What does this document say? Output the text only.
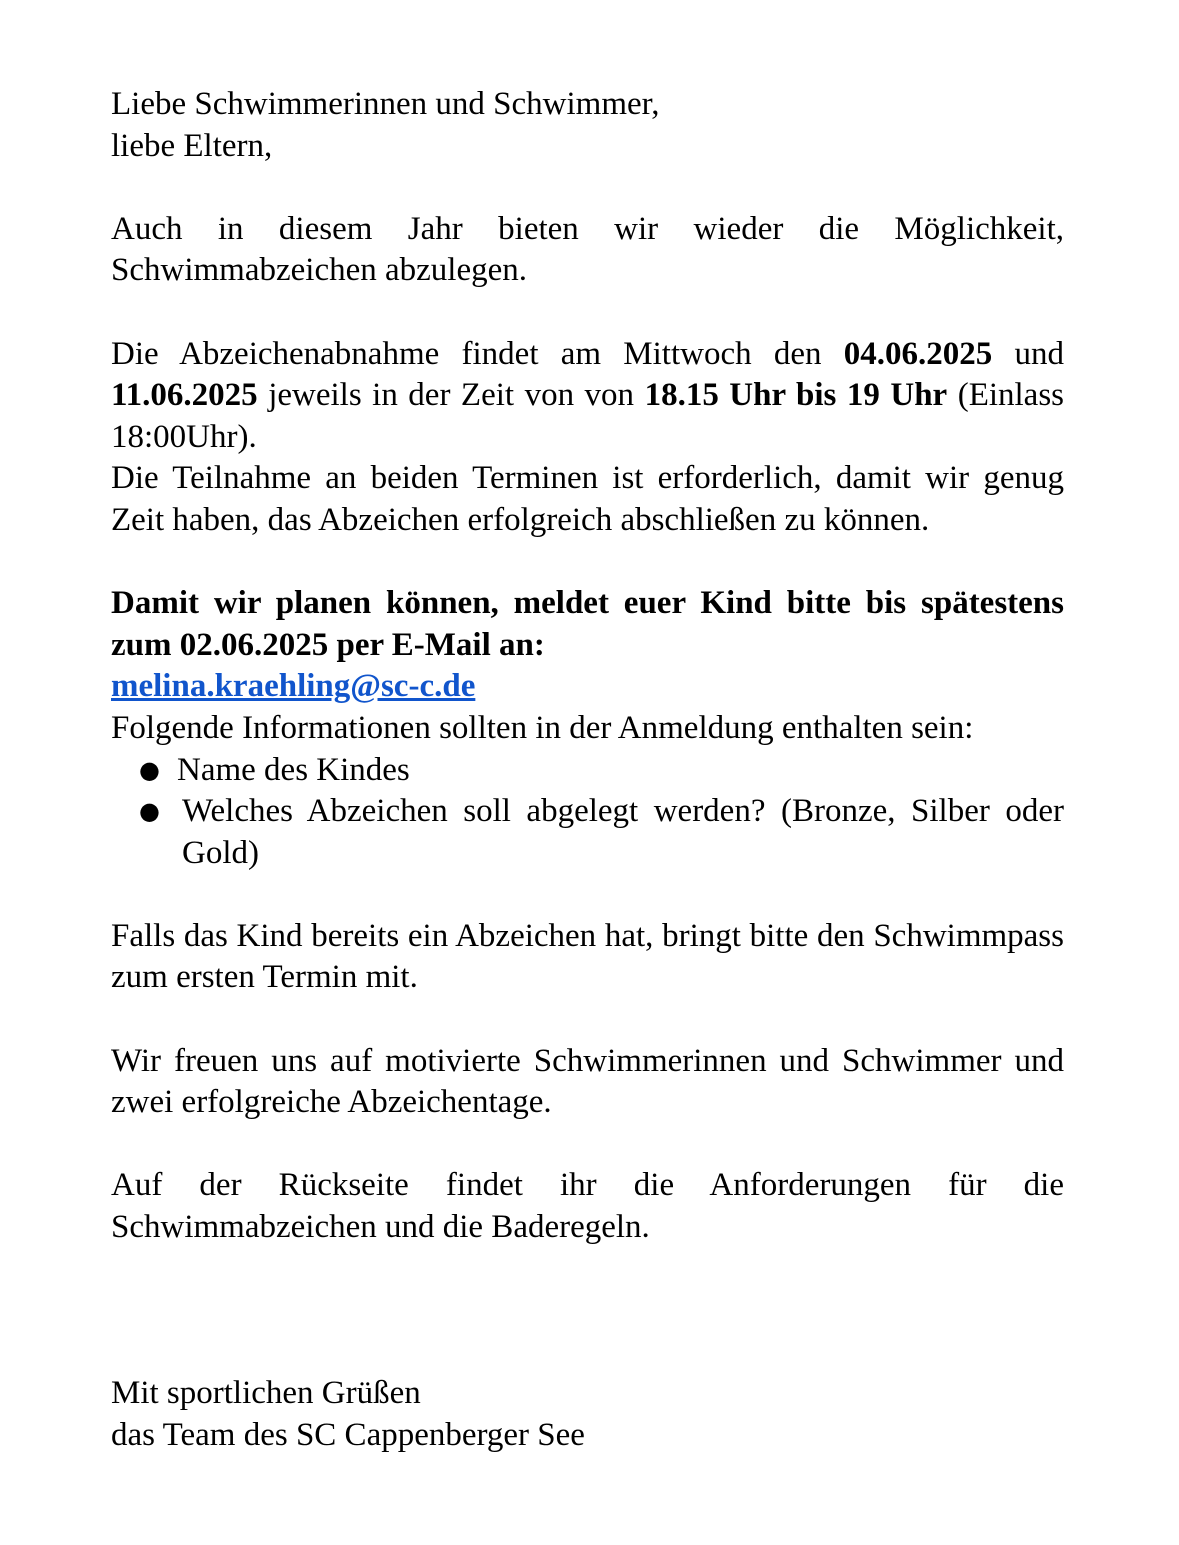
Liebe Schwimmerinnen und Schwimmer,

liebe Eltern,

Auch in diesem Jahr bieten wir wieder die Möglichkeit, Schwimmabzeichen abzulegen.

Die Abzeichenabnahme findet am Mittwoch den 04.06.2025 und 11.06.2025 jeweils in der Zeit von von 18.15 Uhr bis 19 Uhr (Einlass 18:00Uhr).

Die Teilnahme an beiden Terminen ist erforderlich, damit wir genug Zeit haben, das Abzeichen erfolgreich abschließen zu können.

Damit wir planen können, meldet euer Kind bitte bis spätestens zum 02.06.2025 per E-Mail an:
melina.kraehling@sc-c.de

Folgende Informationen sollten in der Anmeldung enthalten sein:

● Name des Kindes
● Welches Abzeichen soll abgelegt werden? (Bronze, Silber oder Gold)

Falls das Kind bereits ein Abzeichen hat, bringt bitte den Schwimmpass zum ersten Termin mit.

Wir freuen uns auf motivierte Schwimmerinnen und Schwimmer und zwei erfolgreiche Abzeichentage.

Auf der Rückseite findet ihr die Anforderungen für die Schwimmabzeichen und die Baderegeln.

Mit sportlichen Grüßen

das Team des SC Cappenberger See
